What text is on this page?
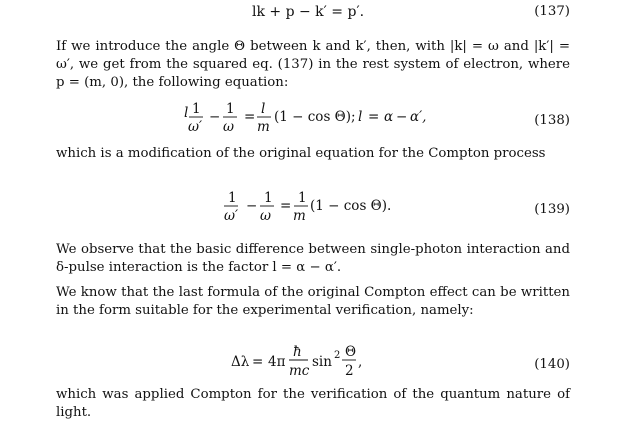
lk + p − k′ = p′.	(137)

If we introduce the angle Θ between k and k′, then, with |k| = ω and |k′| = ω′, we get from the squared eq. (137) in the rest system of electron, where p = (m, 0), the following equation:

l 1
ω′
− 1
ω
= l
m
(1 − cos Θ); l = α − α′,	(138)

which is a modification of the original equation for the Compton process

1
ω′
− 1
ω
= 1
m
(1 − cos Θ).	(139)

We observe that the basic difference between single-photon interaction and δ-pulse interaction is the factor l = α − α′.

We know that the last formula of the original Compton effect can be written in the form suitable for the experimental verification, namely:

Δλ = 4π
ħ
mc
sin 2 Θ
2
,	(140)

which was applied Compton for the verification of the quantum nature of light.
